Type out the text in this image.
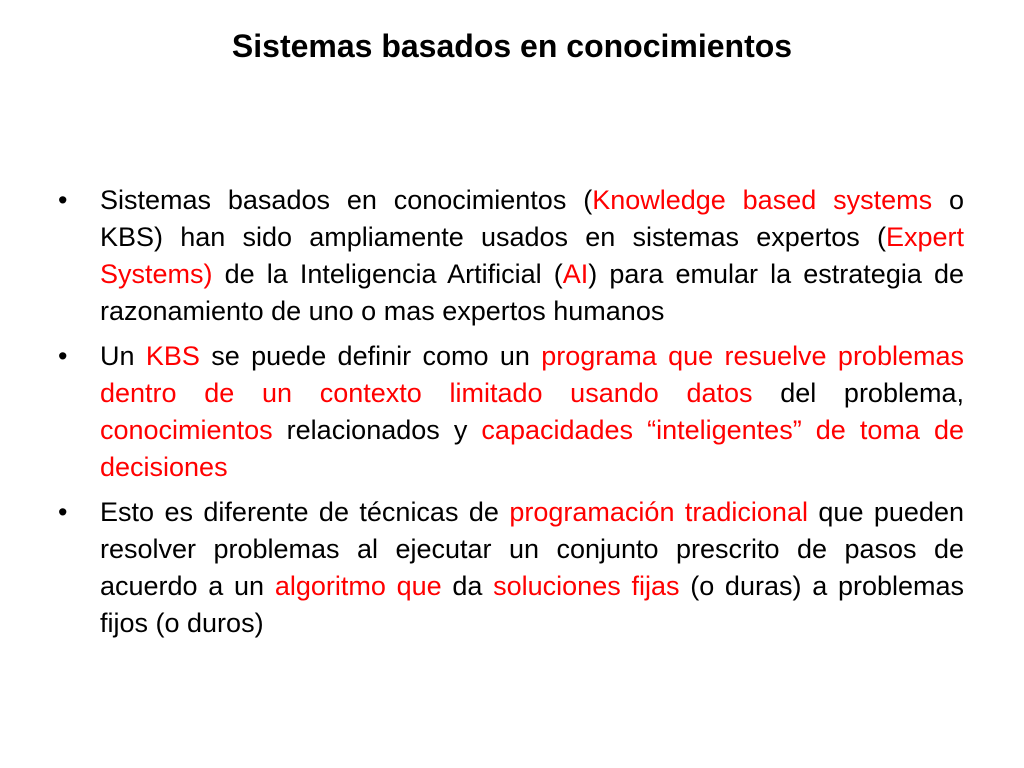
Sistemas basados en conocimientos
• Sistemas basados en conocimientos (Knowledge based systems o KBS) han sido ampliamente usados en sistemas expertos (Expert Systems) de la Inteligencia Artificial (AI) para emular la estrategia de razonamiento de uno o mas expertos humanos
• Un KBS se puede definir como un programa que resuelve problemas dentro de un contexto limitado usando datos del problema, conocimientos relacionados y capacidades “inteligentes” de toma de decisiones
• Esto es diferente de técnicas de programación tradicional que pueden resolver problemas al ejecutar un conjunto prescrito de pasos de acuerdo a un algoritmo que da soluciones fijas (o duras) a problemas fijos (o duros)
